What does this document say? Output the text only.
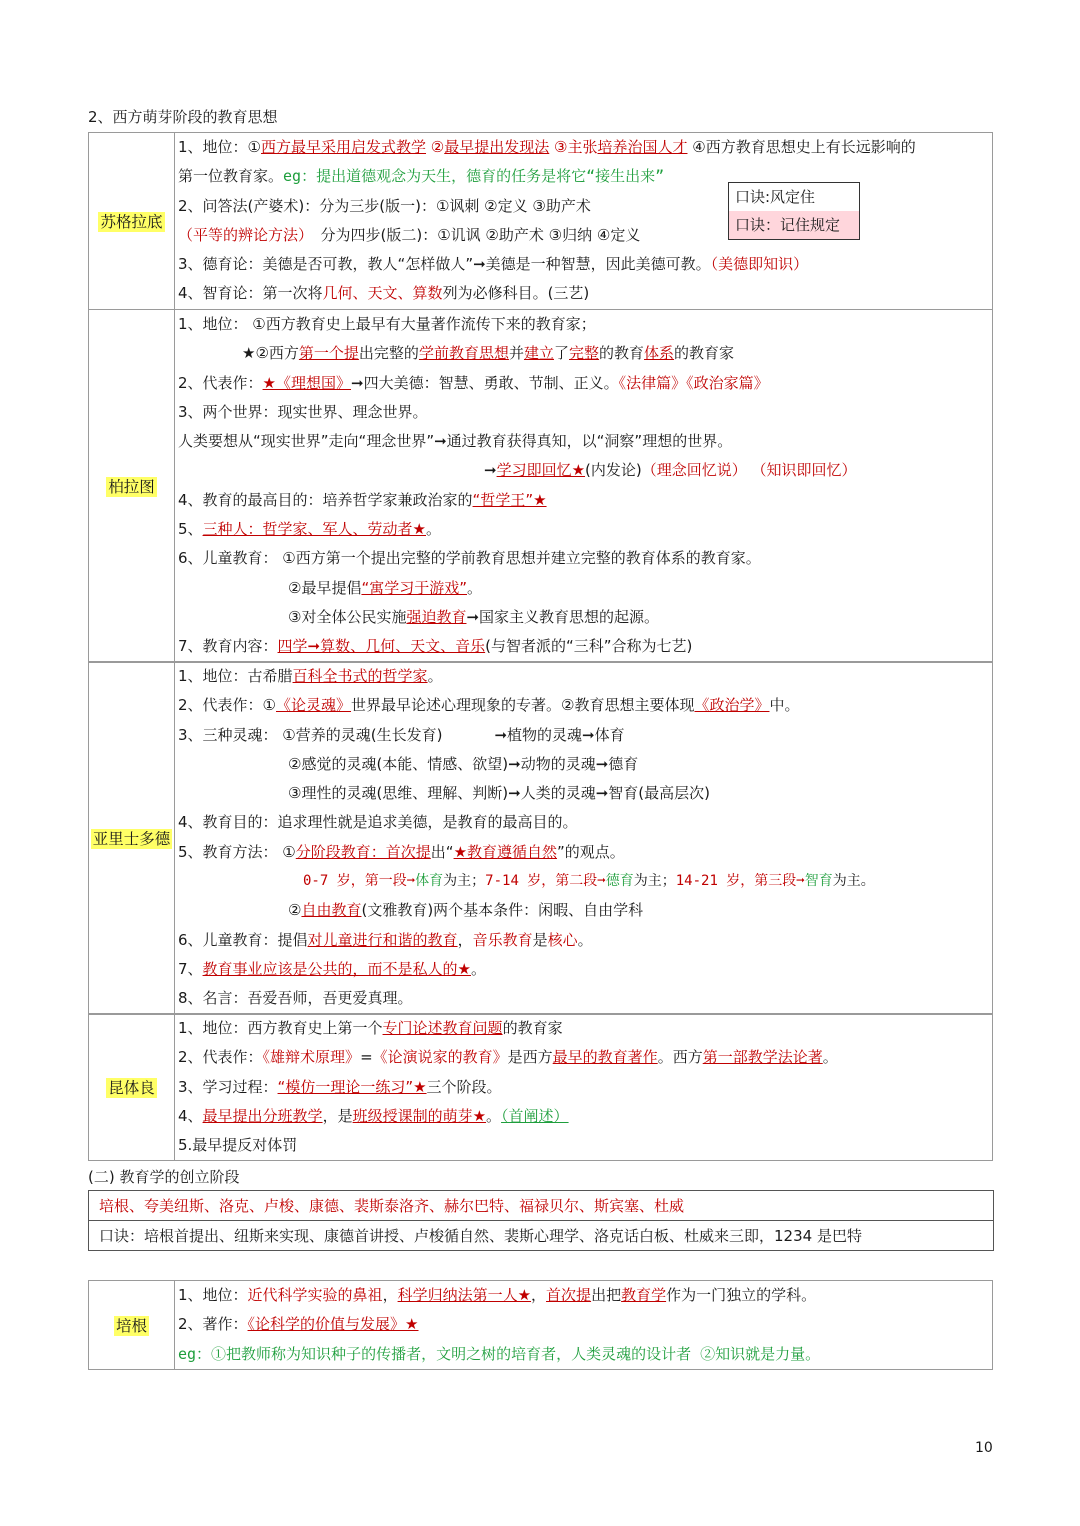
2、西方萌芽阶段的教育思想
苏格拉底	
1、地位：①西方最早采用启发式教学 ②最早提出发现法 ③主张培养治国人才 ④西方教育思想史上有长远影响的
第一位教育家。eg：提出道德观念为天生，德育的任务是将它“接生出来”
2、问答法(产婆术)：分为三步(版一)：①讽刺 ②定义 ③助产术
（平等的辨论方法）　分为四步(版二)：①讥讽 ②助产术 ③归纳 ④定义
3、德育论：美德是否可教，教人“怎样做人”➞美德是一种智慧，因此美德可教。（美德即知识）
4、智育论：第一次将几何、天文、算数列为必修科目。(三艺)
口诀:风定住
口诀：记住规定
柏拉图	
1、地位： ①西方教育史上最早有大量著作流传下来的教育家；
★②西方第一个提出完整的学前教育思想并建立了完整的教育体系的教育家
2、代表作：★《理想国》➞四大美德：智慧、勇敢、节制、正义。《法律篇》《政治家篇》
3、两个世界：现实世界、理念世界。
人类要想从“现实世界”走向“理念世界”➞通过教育获得真知，以“洞察”理想的世界。
➞学习即回忆★(内发论)（理念回忆说） （知识即回忆）
4、教育的最高目的：培养哲学家兼政治家的“哲学王”★
5、三种人：哲学家、军人、劳动者★。
6、儿童教育： ①西方第一个提出完整的学前教育思想并建立完整的教育体系的教育家。
②最早提倡“寓学习于游戏”。
③对全体公民实施强迫教育➞国家主义教育思想的起源。
7、教育内容：四学➞算数、几何、天文、音乐(与智者派的“三科”合称为七艺)
亚里士多德	
1、地位：古希腊百科全书式的哲学家。
2、代表作：①《论灵魂》世界最早论述心理现象的专著。②教育思想主要体现《政治学》中。
3、三种灵魂： ①营养的灵魂(生长发育)	➞植物的灵魂➞体育
②感觉的灵魂(本能、情感、欲望)➞动物的灵魂➞德育
③理性的灵魂(思维、理解、判断)➞人类的灵魂➞智育(最高层次)
4、教育目的：追求理性就是追求美德，是教育的最高目的。
5、教育方法： ①分阶段教育：首次提出“★教育遵循自然”的观点。
0-7 岁，第一段➞体育为主；7-14 岁，第二段➞德育为主；14-21 岁，第三段➞智育为主。
②自由教育(文雅教育)两个基本条件：闲暇、自由学科
6、儿童教育：提倡对儿童进行和谐的教育，音乐教育是核心。
7、教育事业应该是公共的，而不是私人的★。
8、名言：吾爱吾师，吾更爱真理。
昆体良	
1、地位：西方教育史上第一个专门论述教育问题的教育家
2、代表作：《雄辩术原理》=《论演说家的教育》是西方最早的教育著作。西方第一部教学法论著。
3、学习过程：“模仿一理论一练习”★三个阶段。
4、最早提出分班教学，是班级授课制的萌芽★。（首阐述）
5.最早提反对体罚
(二) 教育学的创立阶段
培根、夸美纽斯、洛克、卢梭、康德、裴斯泰洛齐、赫尔巴特、福禄贝尔、斯宾塞、杜威
口诀：培根首提出、纽斯来实现、康德首讲授、卢梭循自然、裴斯心理学、洛克话白板、杜威来三即，1234 是巴特
培根	
1、地位：近代科学实验的鼻祖，科学归纳法第一人★，首次提出把教育学作为一门独立的学科。
2、著作：《论科学的价值与发展》★
eg：①把教师称为知识种子的传播者，文明之树的培育者，人类灵魂的设计者 ②知识就是力量。
10
